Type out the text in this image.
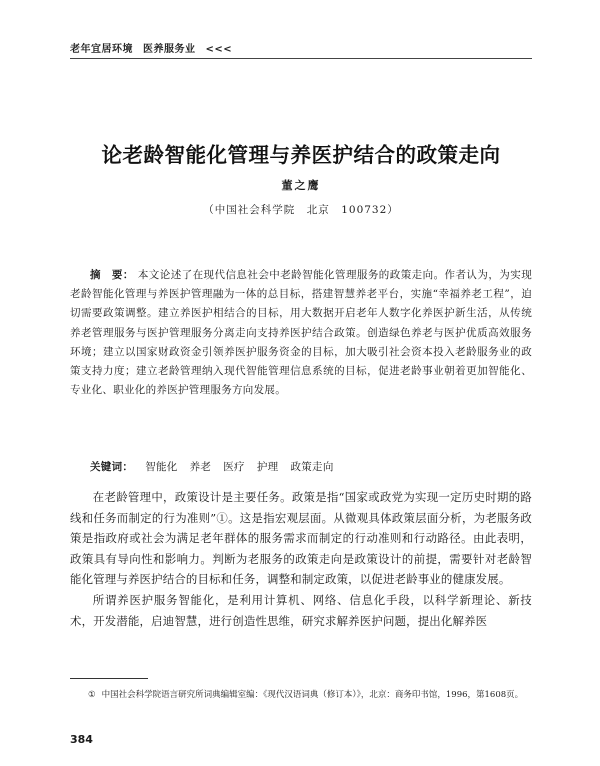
老年宜居环境 医养服务业 <<<
论老龄智能化管理与养医护结合的政策走向
董之鹰
（中国社会科学院　北京　100732）
摘　要： 本文论述了在现代信息社会中老龄智能化管理服务的政策走向。作者认为，为实现老龄智能化管理与养医护管理融为一体的总目标，搭建智慧养老平台，实施“幸福养老工程”，迫切需要政策调整。建立养医护相结合的目标，用大数据开启老年人数字化养医护新生活，从传统养老管理服务与医护管理服务分离走向支持养医护结合政策。创造绿色养老与医护优质高效服务环境；建立以国家财政资金引领养医护服务资金的目标，加大吸引社会资本投入老龄服务业的政策支持力度；建立老龄管理纳入现代智能管理信息系统的目标，促进老龄事业朝着更加智能化、专业化、职业化的养医护管理服务方向发展。
关键词： 智能化 养老 医疗 护理 政策走向

在老龄管理中，政策设计是主要任务。政策是指“国家或政党为实现一定历史时期的路线和任务而制定的行为准则”①。这是指宏观层面。从微观具体政策层面分析，为老服务政策是指政府或社会为满足老年群体的服务需求而制定的行动准则和行动路径。由此表明，政策具有导向性和影响力。判断为老服务的政策走向是政策设计的前提，需要针对老龄智能化管理与养医护结合的目标和任务，调整和制定政策，以促进老龄事业的健康发展。

所谓养医护服务智能化，是利用计算机、网络、信息化手段，以科学新理论、新技术，开发潜能，启迪智慧，进行创造性思维，研究求解养医护问题，提出化解养医

① 中国社会科学院语言研究所词典编辑室编：《现代汉语词典（修订本）》，北京：商务印书馆，1996，第1608页。
384
